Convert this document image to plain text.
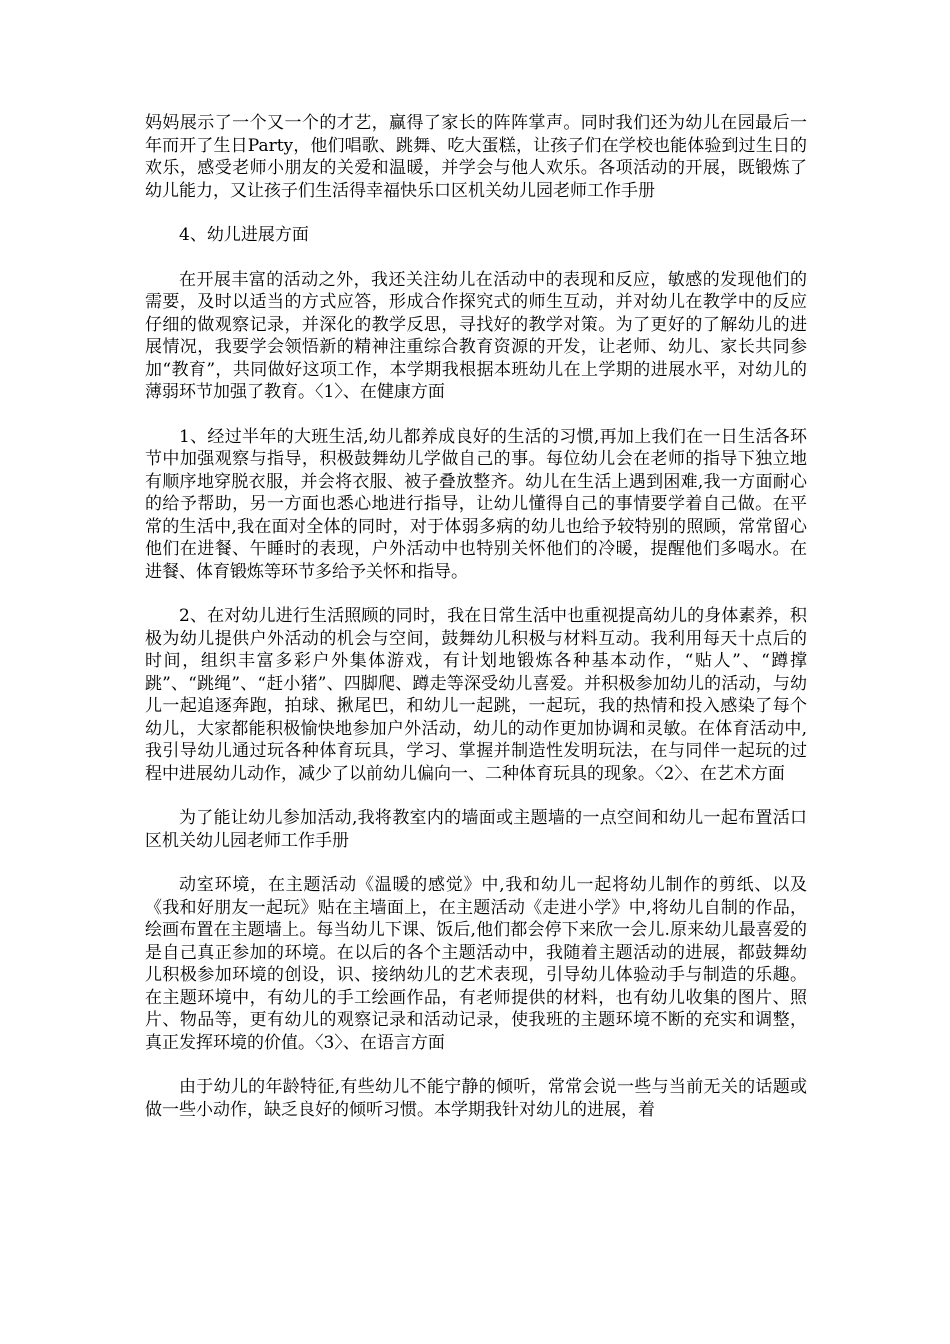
妈妈展示了一个又一个的才艺，赢得了家长的阵阵掌声。同时我们还为幼儿在园最后一年而开了生日Party，他们唱歌、跳舞、吃大蛋糕，让孩子们在学校也能体验到过生日的欢乐，感受老师小朋友的关爱和温暖，并学会与他人欢乐。各项活动的开展，既锻炼了幼儿能力，又让孩子们生活得幸福快乐口区机关幼儿园老师工作手册

4、幼儿进展方面

在开展丰富的活动之外，我还关注幼儿在活动中的表现和反应，敏感的发现他们的需要，及时以适当的方式应答，形成合作探究式的师生互动，并对幼儿在教学中的反应仔细的做观察记录，并深化的教学反思，寻找好的教学对策。为了更好的了解幼儿的进展情况，我要学会领悟新的精神注重综合教育资源的开发，让老师、幼儿、家长共同参加“教育”，共同做好这项工作，本学期我根据本班幼儿在上学期的进展水平，对幼儿的薄弱环节加强了教育。〈1〉、在健康方面

1、经过半年的大班生活,幼儿都养成良好的生活的习惯,再加上我们在一日生活各环节中加强观察与指导，积极鼓舞幼儿学做自己的事。每位幼儿会在老师的指导下独立地有顺序地穿脱衣服，并会将衣服、被子叠放整齐。幼儿在生活上遇到困难,我一方面耐心的给予帮助，另一方面也悉心地进行指导，让幼儿懂得自己的事情要学着自己做。在平常的生活中,我在面对全体的同时，对于体弱多病的幼儿也给予较特别的照顾，常常留心他们在进餐、午睡时的表现，户外活动中也特别关怀他们的冷暖，提醒他们多喝水。在进餐、体育锻炼等环节多给予关怀和指导。

2、在对幼儿进行生活照顾的同时，我在日常生活中也重视提高幼儿的身体素养，积极为幼儿提供户外活动的机会与空间，鼓舞幼儿积极与材料互动。我利用每天十点后的时间，组织丰富多彩户外集体游戏，有计划地锻炼各种基本动作，“贴人”、“蹲撑跳”、“跳绳”、“赶小猪”、四脚爬、蹲走等深受幼儿喜爱。并积极参加幼儿的活动，与幼儿一起追逐奔跑，拍球、揪尾巴，和幼儿一起跳，一起玩，我的热情和投入感染了每个幼儿，大家都能积极愉快地参加户外活动，幼儿的动作更加协调和灵敏。在体育活动中,我引导幼儿通过玩各种体育玩具，学习、掌握并制造性发明玩法，在与同伴一起玩的过程中进展幼儿动作，减少了以前幼儿偏向一、二种体育玩具的现象。〈2〉、在艺术方面

为了能让幼儿参加活动,我将教室内的墙面或主题墙的一点空间和幼儿一起布置活口区机关幼儿园老师工作手册

动室环境，在主题活动《温暖的感觉》中,我和幼儿一起将幼儿制作的剪纸、以及《我和好朋友一起玩》贴在主墙面上，在主题活动《走进小学》中,将幼儿自制的作品，绘画布置在主题墙上。每当幼儿下课、饭后,他们都会停下来欣一会儿.原来幼儿最喜爱的是自己真正参加的环境。在以后的各个主题活动中，我随着主题活动的进展，都鼓舞幼儿积极参加环境的创设，识、接纳幼儿的艺术表现，引导幼儿体验动手与制造的乐趣。在主题环境中，有幼儿的手工绘画作品，有老师提供的材料，也有幼儿收集的图片、照片、物品等，更有幼儿的观察记录和活动记录，使我班的主题环境不断的充实和调整，真正发挥环境的价值。〈3〉、在语言方面

由于幼儿的年龄特征,有些幼儿不能宁静的倾听，常常会说一些与当前无关的话题或做一些小动作，缺乏良好的倾听习惯。本学期我针对幼儿的进展，着
